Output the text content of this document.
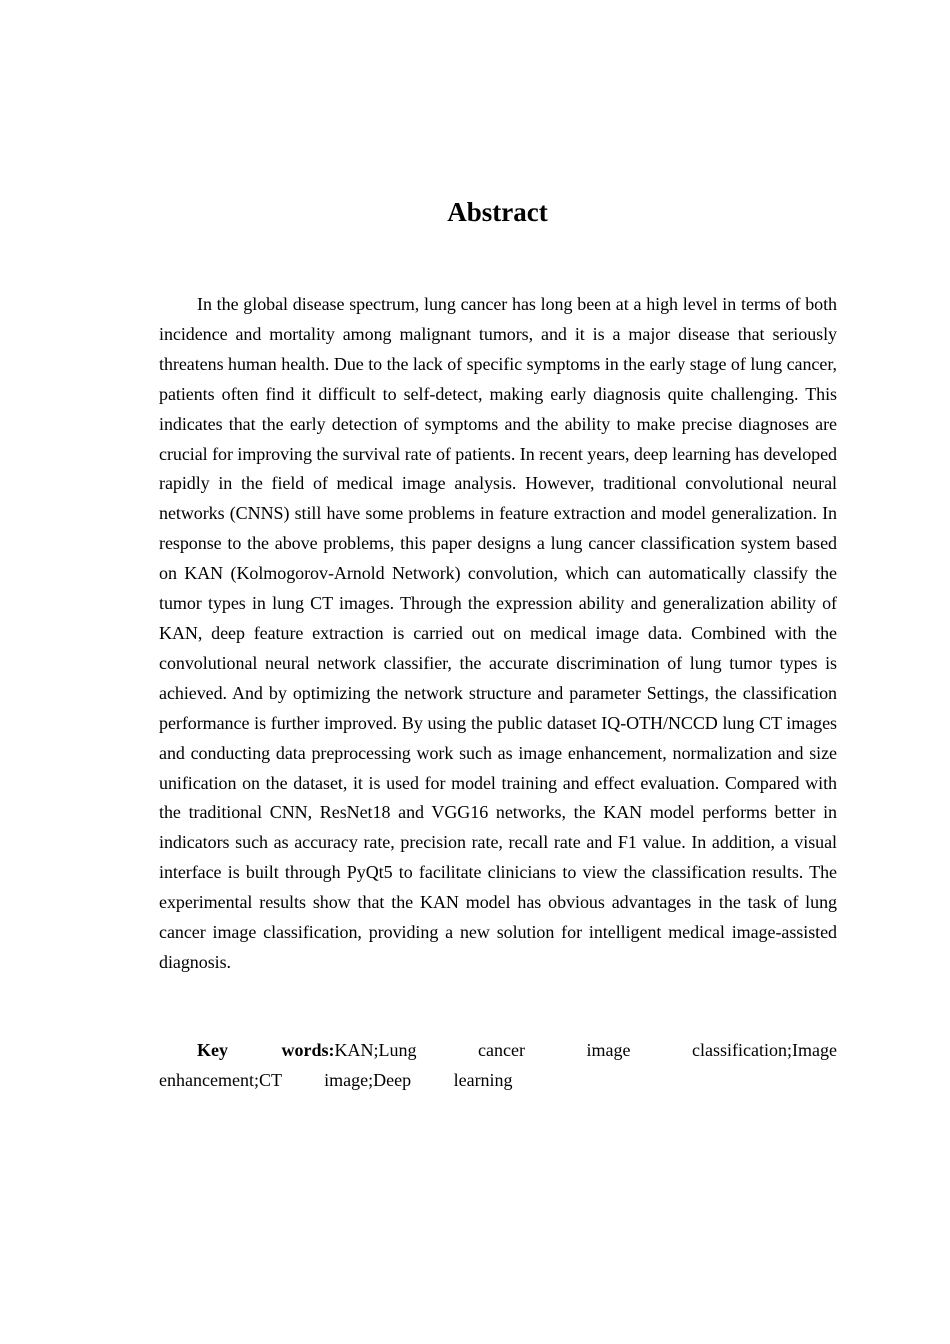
Abstract

In the global disease spectrum, lung cancer has long been at a high level in terms of both incidence and mortality among malignant tumors, and it is a major disease that seriously threatens human health. Due to the lack of specific symptoms in the early stage of lung cancer, patients often find it difficult to self-detect, making early diagnosis quite challenging. This indicates that the early detection of symptoms and the ability to make precise diagnoses are crucial for improving the survival rate of patients. In recent years, deep learning has developed rapidly in the field of medical image analysis. However, traditional convolutional neural networks (CNNS) still have some problems in feature extraction and model generalization. In response to the above problems, this paper designs a lung cancer classification system based on KAN (Kolmogorov-Arnold Network) convolution, which can automatically classify the tumor types in lung CT images. Through the expression ability and generalization ability of KAN, deep feature extraction is carried out on medical image data. Combined with the convolutional neural network classifier, the accurate discrimination of lung tumor types is achieved. And by optimizing the network structure and parameter Settings, the classification performance is further improved. By using the public dataset IQ-OTH/NCCD lung CT images and conducting data preprocessing work such as image enhancement, normalization and size unification on the dataset, it is used for model training and effect evaluation. Compared with the traditional CNN, ResNet18 and VGG16 networks, the KAN model performs better in indicators such as accuracy rate, precision rate, recall rate and F1 value. In addition, a visual interface is built through PyQt5 to facilitate clinicians to view the classification results. The experimental results show that the KAN model has obvious advantages in the task of lung cancer image classification, providing a new solution for intelligent medical image-assisted diagnosis.

Key words:KAN;Lung cancer image classification;Image enhancement;CT image;Deep learning
